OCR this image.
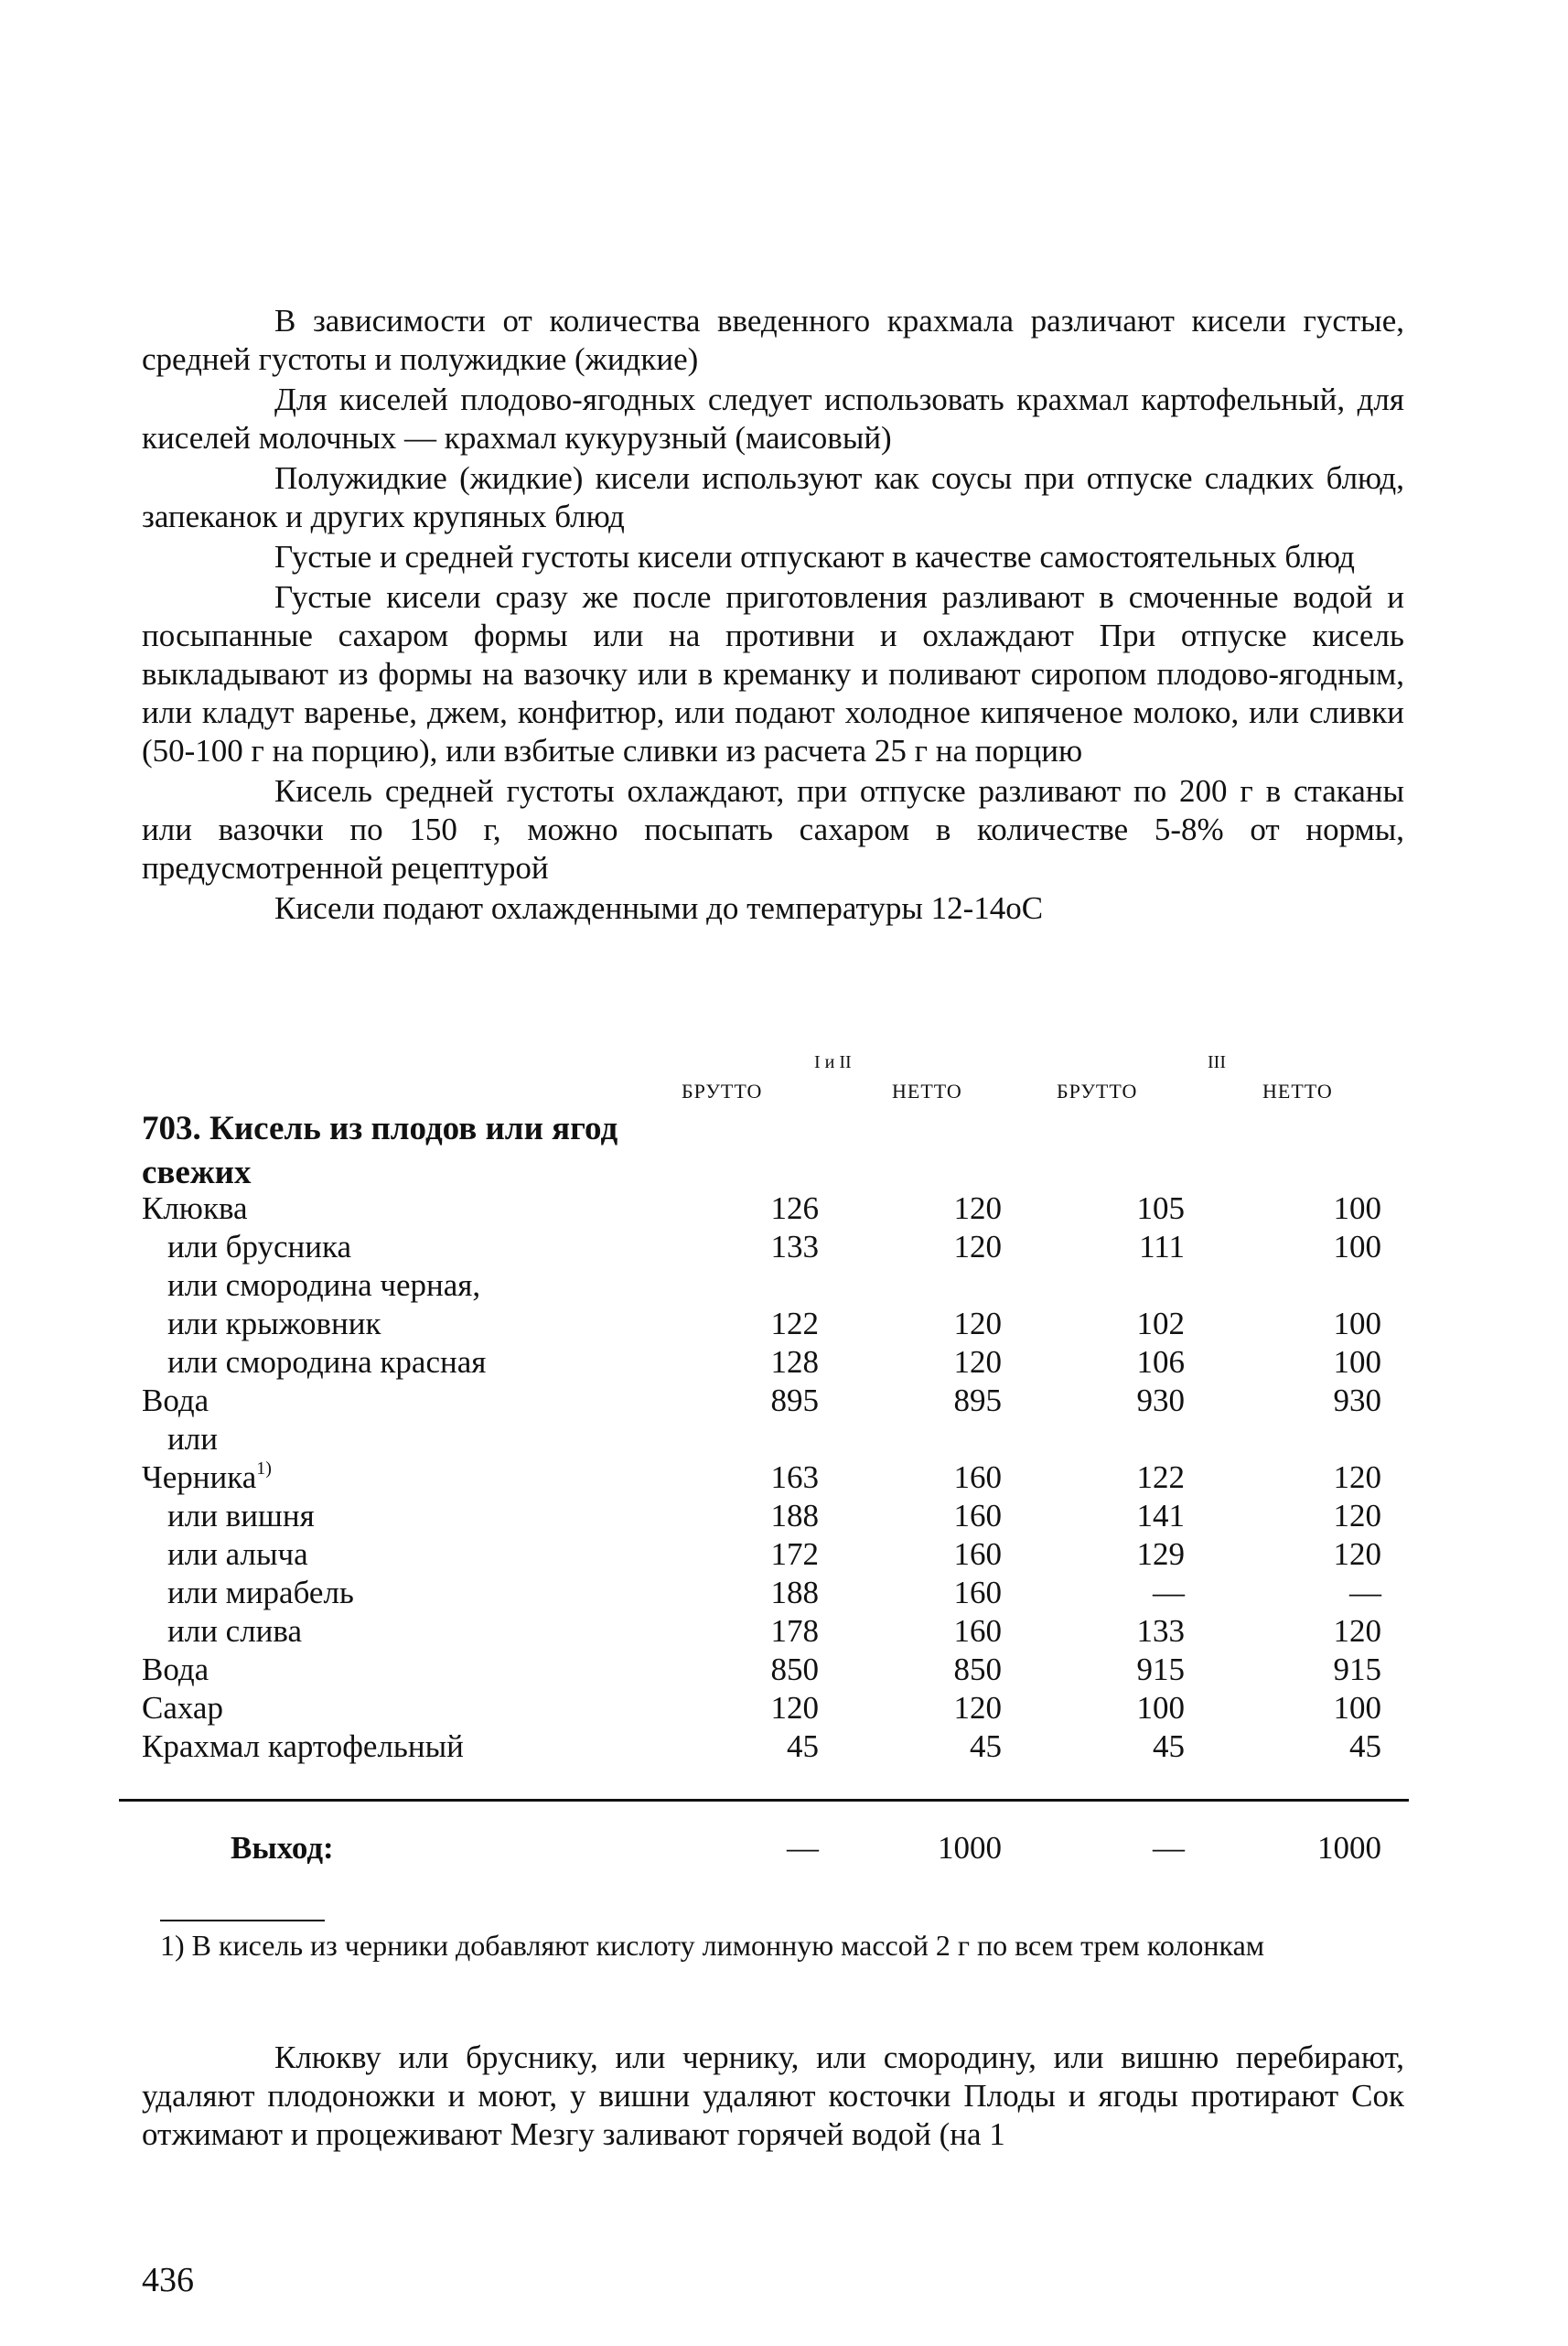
В зависимости от количества введенного крахмала различают кисели густые, средней густоты и полужидкие (жидкие)

Для киселей плодово-ягодных следует использовать крахмал картофельный, для киселей молочных — крахмал кукурузный (маисовый)

Полужидкие (жидкие) кисели используют как соусы при отпуске сладких блюд, запеканок и других крупяных блюд

Густые и средней густоты кисели отпускают в качестве самостоятельных блюд

Густые кисели сразу же после приготовления разливают в смоченные водой и посыпанные сахаром формы или на противни и охлаждают При отпуске кисель выкладывают из формы на вазочку или в креманку и поливают сиропом плодово-ягодным, или кладут варенье, джем, конфитюр, или подают холодное кипяченое молоко, или сливки (50-100 г на порцию), или взбитые сливки из расчета 25 г на порцию

Кисель средней густоты охлаждают, при отпуске разливают по 200 г в стаканы или вазочки по 150 г, можно посыпать сахаром в количестве 5-8% от нормы, предусмотренной рецептурой

Кисели подают охлажденными до температуры 12-14оС

I и II	III
БРУТТО	НЕТТО	БРУТТО	НЕТТО
703. Кисель из плодов или ягод свежих
Клюква	126	120	105	100
или брусника	133	120	111	100
или смородина черная,
или крыжовник	122	120	102	100
или смородина красная	128	120	106	100
Вода	895	895	930	930
или
Черника$^{1)}$	163	160	122	120
или вишня	188	160	141	120
или алыча	172	160	129	120
или мирабель	188	160	—	—
или слива	178	160	133	120
Вода	850	850	915	915
Сахар	120	120	100	100
Крахмал картофельный	45	45	45	45
Выход:	—	1000	—	1000
1) В кисель из черники добавляют кислоту лимонную массой 2 г по всем трем колонкам

Клюкву или бруснику, или чернику, или смородину, или вишню перебирают, удаляют плодоножки и моют, у вишни удаляют косточки Плоды и ягоды протирают Сок отжимают и процеживают Мезгу заливают горячей водой (на 1

436
